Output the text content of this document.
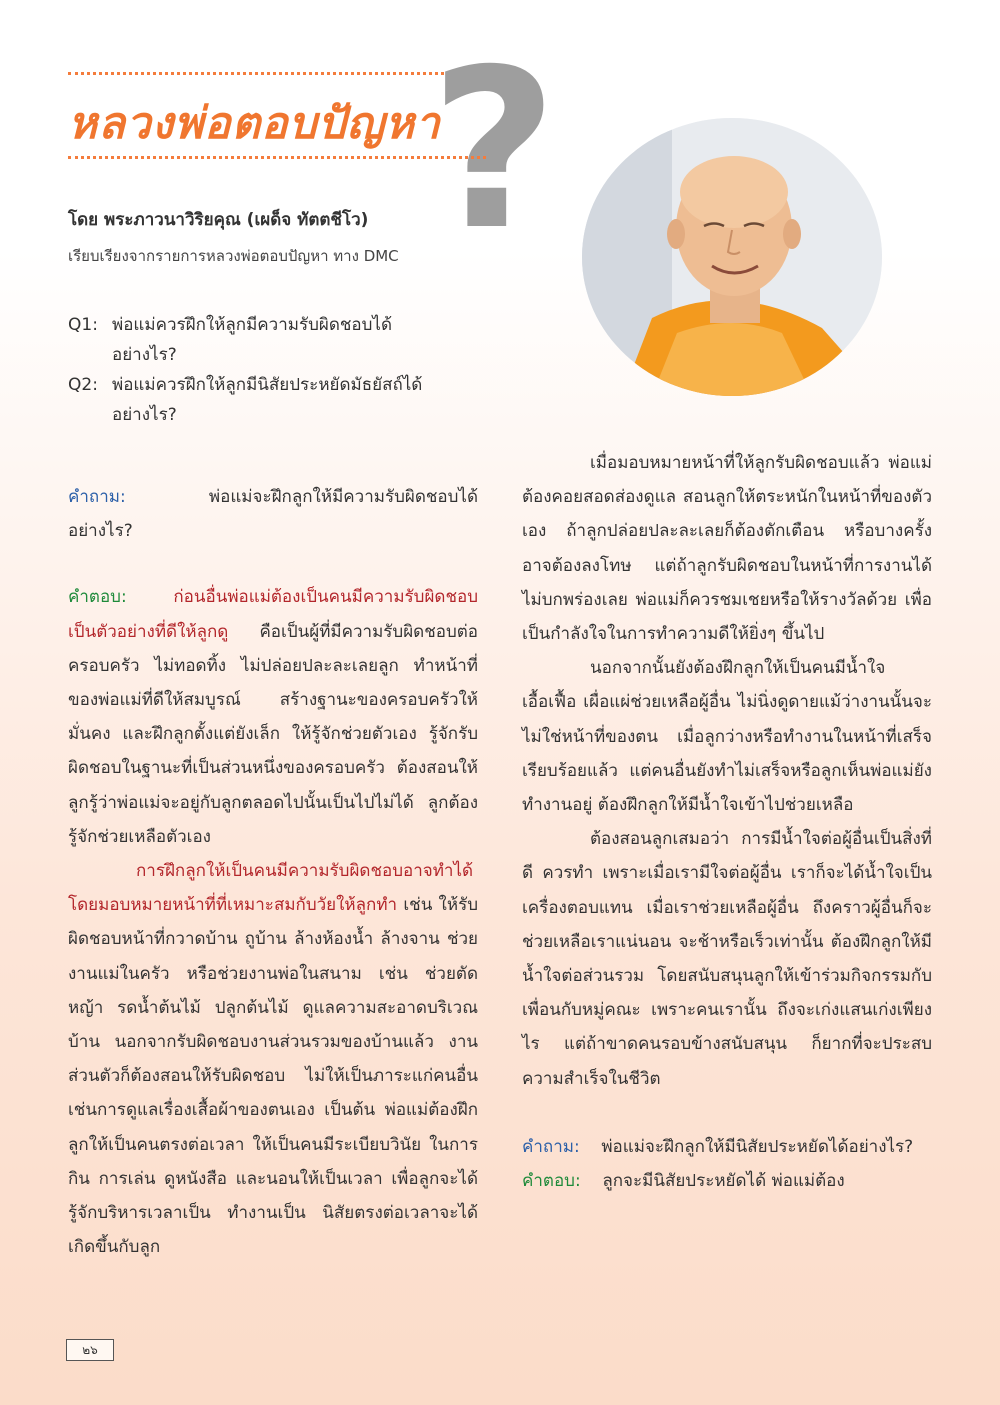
หลวงพ่อตอบปัญหา
?
โดย พระภาวนาวิริยคุณ (เผด็จ ทัตตชีโว)
เรียบเรียงจากรายการหลวงพ่อตอบปัญหา ทาง DMC
Q1: พ่อแม่ควรฝึกให้ลูกมีความรับผิดชอบได้
อย่างไร?
Q2: พ่อแม่ควรฝึกให้ลูกมีนิสัยประหยัดมัธยัสถ์ได้
อย่างไร?

คำถาม:	พ่อแม่จะฝึกลูกให้มีความรับผิดชอบได้อย่างไร?

คำตอบ:	ก่อนอื่นพ่อแม่ต้องเป็นคนมีความรับผิดชอบ เป็นตัวอย่างที่ดีให้ลูกดู คือเป็นผู้ที่มีความรับผิดชอบต่อครอบครัว ไม่ทอดทิ้ง ไม่ปล่อยปละละเลยลูก ทำหน้าที่ของพ่อแม่ที่ดีให้สมบูรณ์ สร้างฐานะของครอบครัวให้มั่นคง และฝึกลูกตั้งแต่ยังเล็ก ให้รู้จักช่วยตัวเอง รู้จักรับผิดชอบในฐานะที่เป็นส่วนหนึ่งของครอบครัว ต้องสอนให้ลูกรู้ว่าพ่อแม่จะอยู่กับลูกตลอดไปนั้นเป็นไปไม่ได้ ลูกต้องรู้จักช่วยเหลือตัวเอง

การฝึกลูกให้เป็นคนมีความรับผิดชอบอาจทำได้ โดยมอบหมายหน้าที่ที่เหมาะสมกับวัยให้ลูกทำ เช่น ให้รับผิดชอบหน้าที่กวาดบ้าน ถูบ้าน ล้างห้องน้ำ ล้างจาน ช่วยงานแม่ในครัว หรือช่วยงานพ่อในสนาม เช่น ช่วยตัดหญ้า รดน้ำต้นไม้ ปลูกต้นไม้ ดูแลความสะอาดบริเวณบ้าน นอกจากรับผิดชอบงานส่วนรวมของบ้านแล้ว งานส่วนตัวก็ต้องสอนให้รับผิดชอบ ไม่ให้เป็นภาระแก่คนอื่น เช่นการดูแลเรื่องเสื้อผ้าของตนเอง เป็นต้น พ่อแม่ต้องฝึกลูกให้เป็นคนตรงต่อเวลา ให้เป็นคนมีระเบียบวินัย ในการกิน การเล่น ดูหนังสือ และนอนให้เป็นเวลา เพื่อลูกจะได้รู้จักบริหารเวลาเป็น ทำงานเป็น นิสัยตรงต่อเวลาจะได้เกิดขึ้นกับลูก

เมื่อมอบหมายหน้าที่ให้ลูกรับผิดชอบแล้ว พ่อแม่ต้องคอยสอดส่องดูแล สอนลูกให้ตระหนักในหน้าที่ของตัวเอง ถ้าลูกปล่อยปละละเลยก็ต้องตักเตือน หรือบางครั้งอาจต้องลงโทษ แต่ถ้าลูกรับผิดชอบในหน้าที่การงานได้ไม่บกพร่องเลย พ่อแม่ก็ควรชมเชยหรือให้รางวัลด้วย เพื่อเป็นกำลังใจในการทำความดีให้ยิ่งๆ ขึ้นไป

นอกจากนั้นยังต้องฝึกลูกให้เป็นคนมีน้ำใจ เอื้อเฟื้อ เผื่อแผ่ช่วยเหลือผู้อื่น ไม่นิ่งดูดายแม้ว่างานนั้นจะไม่ใช่หน้าที่ของตน เมื่อลูกว่างหรือทำงานในหน้าที่เสร็จเรียบร้อยแล้ว แต่คนอื่นยังทำไม่เสร็จหรือลูกเห็นพ่อแม่ยังทำงานอยู่ ต้องฝึกลูกให้มีน้ำใจเข้าไปช่วยเหลือ

ต้องสอนลูกเสมอว่า การมีน้ำใจต่อผู้อื่นเป็นสิ่งที่ดี ควรทำ เพราะเมื่อเรามีใจต่อผู้อื่น เราก็จะได้น้ำใจเป็นเครื่องตอบแทน เมื่อเราช่วยเหลือผู้อื่น ถึงคราวผู้อื่นก็จะช่วยเหลือเราแน่นอน จะช้าหรือเร็วเท่านั้น ต้องฝึกลูกให้มีน้ำใจต่อส่วนรวม โดยสนับสนุนลูกให้เข้าร่วมกิจกรรมกับเพื่อนกับหมู่คณะ เพราะคนเรานั้น ถึงจะเก่งแสนเก่งเพียงไร แต่ถ้าขาดคนรอบข้างสนับสนุน ก็ยากที่จะประสบความสำเร็จในชีวิต

คำถาม: พ่อแม่จะฝึกลูกให้มีนิสัยประหยัดได้อย่างไร?

คำตอบ: ลูกจะมีนิสัยประหยัดได้ พ่อแม่ต้อง

๒๖
